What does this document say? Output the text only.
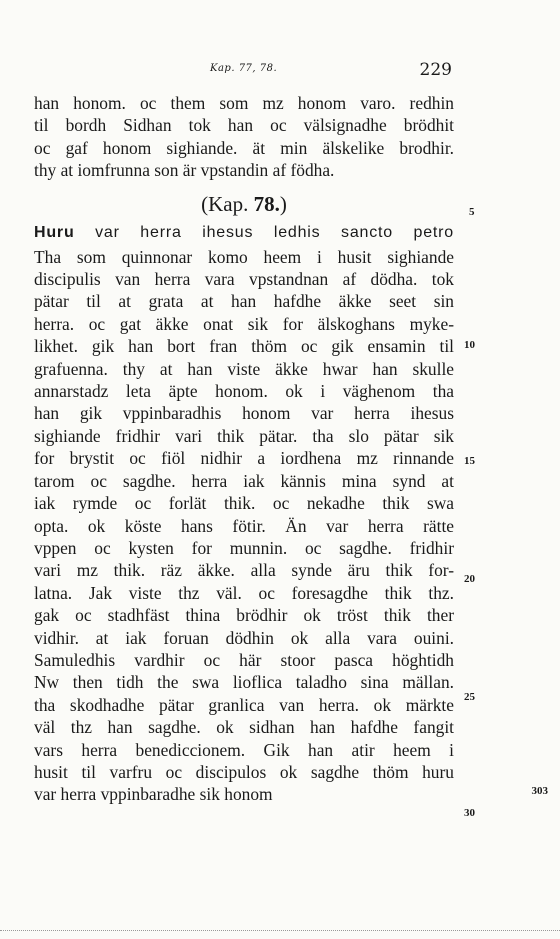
Kap. 77, 78.	229
han honom. oc them som mz honom varo. redhin
til bordh Sidhan tok han oc välsignadhe brödhit
oc gaf honom sighiande. ät min älskelike brodhir.
thy at iomfrunna son är vpstandin af födha.
(Kap. 78.)
Huru var herra ihesus ledhis sancto petro
Tha som quinnonar komo heem i husit sighiande
discipulis van herra vara vpstandnan af dödha. tok
pätar til at grata at han hafdhe äkke seet sin
herra. oc gat äkke onat sik for älskoghans myke-
likhet. gik han bort fran thöm oc gik ensamin til
grafuenna. thy at han viste äkke hwar han skulle
annarstadz leta äpte honom. ok i väghenom tha
han gik vppinbaradhis honom var herra ihesus
sighiande fridhir vari thik pätar. tha slo pätar sik
for brystit oc fiöl nidhir a iordhena mz rinnande
tarom oc sagdhe. herra iak kännis mina synd at
iak rymde oc forlät thik. oc nekadhe thik swa
opta. ok köste hans fötir. Än var herra rätte
vppen oc kysten for munnin. oc sagdhe. fridhir
vari mz thik. räz äkke. alla synde äru thik for-
latna. Jak viste thz väl. oc foresagdhe thik thz.
gak oc stadhfäst thina brödhir ok tröst thik ther
vidhir. at iak foruan dödhin ok alla vara ouini.
Samuledhis vardhir oc här stoor pasca höghtidh
Nw then tidh the swa lioflica taladho sina mällan.
tha skodhadhe pätar granlica van herra. ok märkte
väl thz han sagdhe. ok sidhan han hafdhe fangit
vars herra benediccionem. Gik han atir heem i
husit til varfru oc discipulos ok sagdhe thöm huru
var herra vppinbaradhe sik honom
5
10
15
20
25
30
303
